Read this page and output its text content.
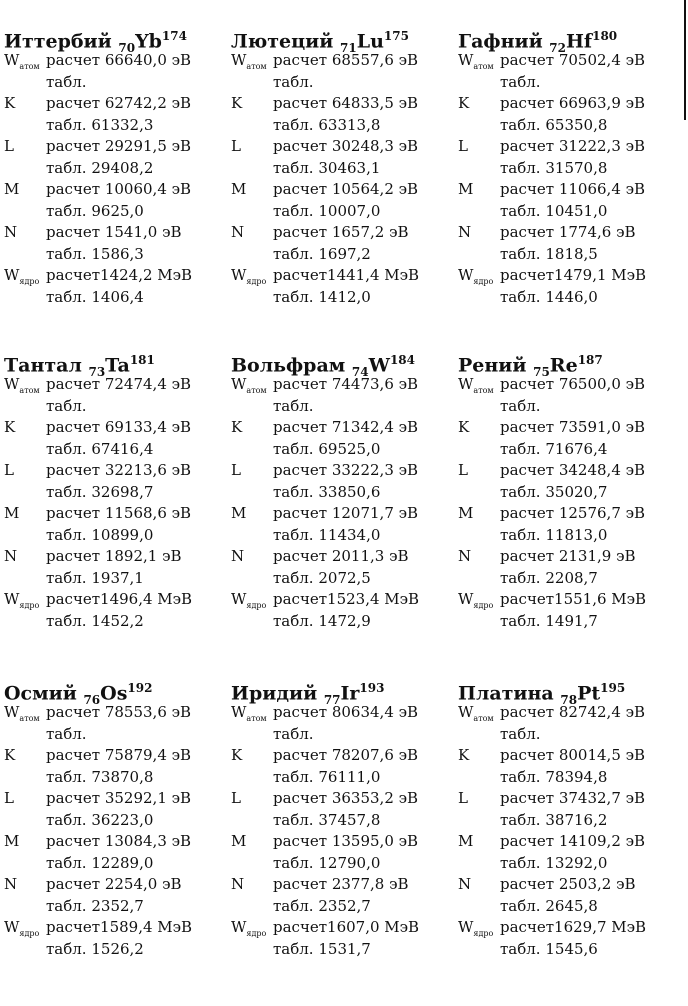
Иттербий $_{70}Yb^{174}$
$W_{атом}$ расчет 66640,0 эВ
табл.
K расчет 62742,2 эВ
табл. 61332,3
L расчет 29291,5 эВ
табл. 29408,2
M расчет 10060,4 эВ
табл. 9625,0
N расчет 1541,0 эВ
табл. 1586,3
$W_{ядро}$ расчет1424,2 МэВ
табл. 1406,4
Лютеций $_{71}Lu^{175}$
$W_{атом}$ расчет 68557,6 эВ
табл.
K расчет 64833,5 эВ
табл. 63313,8
L расчет 30248,3 эВ
табл. 30463,1
M расчет 10564,2 эВ
табл. 10007,0
N расчет 1657,2 эВ
табл. 1697,2
$W_{ядро}$ расчет1441,4 МэВ
табл. 1412,0
Гафний $_{72}Hf^{180}$
$W_{атом}$ расчет 70502,4 эВ
табл.
K расчет 66963,9 эВ
табл. 65350,8
L расчет 31222,3 эВ
табл. 31570,8
M расчет 11066,4 эВ
табл. 10451,0
N расчет 1774,6 эВ
табл. 1818,5
$W_{ядро}$ расчет1479,1 МэВ
табл. 1446,0
Тантал $_{73}Ta^{181}$
$W_{атом}$ расчет 72474,4 эВ
табл.
K расчет 69133,4 эВ
табл. 67416,4
L расчет 32213,6 эВ
табл. 32698,7
M расчет 11568,6 эВ
табл. 10899,0
N расчет 1892,1 эВ
табл. 1937,1
$W_{ядро}$ расчет1496,4 МэВ
табл. 1452,2
Вольфрам $_{74}W^{184}$
$W_{атом}$ расчет 74473,6 эВ
табл.
K расчет 71342,4 эВ
табл. 69525,0
L расчет 33222,3 эВ
табл. 33850,6
M расчет 12071,7 эВ
табл. 11434,0
N расчет 2011,3 эВ
табл. 2072,5
$W_{ядро}$ расчет1523,4 МэВ
табл. 1472,9
Рений $_{75}Re^{187}$
$W_{атом}$ расчет 76500,0 эВ
табл.
K расчет 73591,0 эВ
табл. 71676,4
L расчет 34248,4 эВ
табл. 35020,7
M расчет 12576,7 эВ
табл. 11813,0
N расчет 2131,9 эВ
табл. 2208,7
$W_{ядро}$ расчет1551,6 МэВ
табл. 1491,7
Осмий $_{76}Os^{192}$
$W_{атом}$ расчет 78553,6 эВ
табл.
K расчет 75879,4 эВ
табл. 73870,8
L расчет 35292,1 эВ
табл. 36223,0
M расчет 13084,3 эВ
табл. 12289,0
N расчет 2254,0 эВ
табл. 2352,7
$W_{ядро}$ расчет1589,4 МэВ
табл. 1526,2
Иридий $_{77}Ir^{193}$
$W_{атом}$ расчет 80634,4 эВ
табл.
K расчет 78207,6 эВ
табл. 76111,0
L расчет 36353,2 эВ
табл. 37457,8
M расчет 13595,0 эВ
табл. 12790,0
N расчет 2377,8 эВ
табл. 2352,7
$W_{ядро}$ расчет1607,0 МэВ
табл. 1531,7
Платина $_{78}Pt^{195}$
$W_{атом}$ расчет 82742,4 эВ
табл.
K расчет 80014,5 эВ
табл. 78394,8
L расчет 37432,7 эВ
табл. 38716,2
M расчет 14109,2 эВ
табл. 13292,0
N расчет 2503,2 эВ
табл. 2645,8
$W_{ядро}$ расчет1629,7 МэВ
табл. 1545,6
